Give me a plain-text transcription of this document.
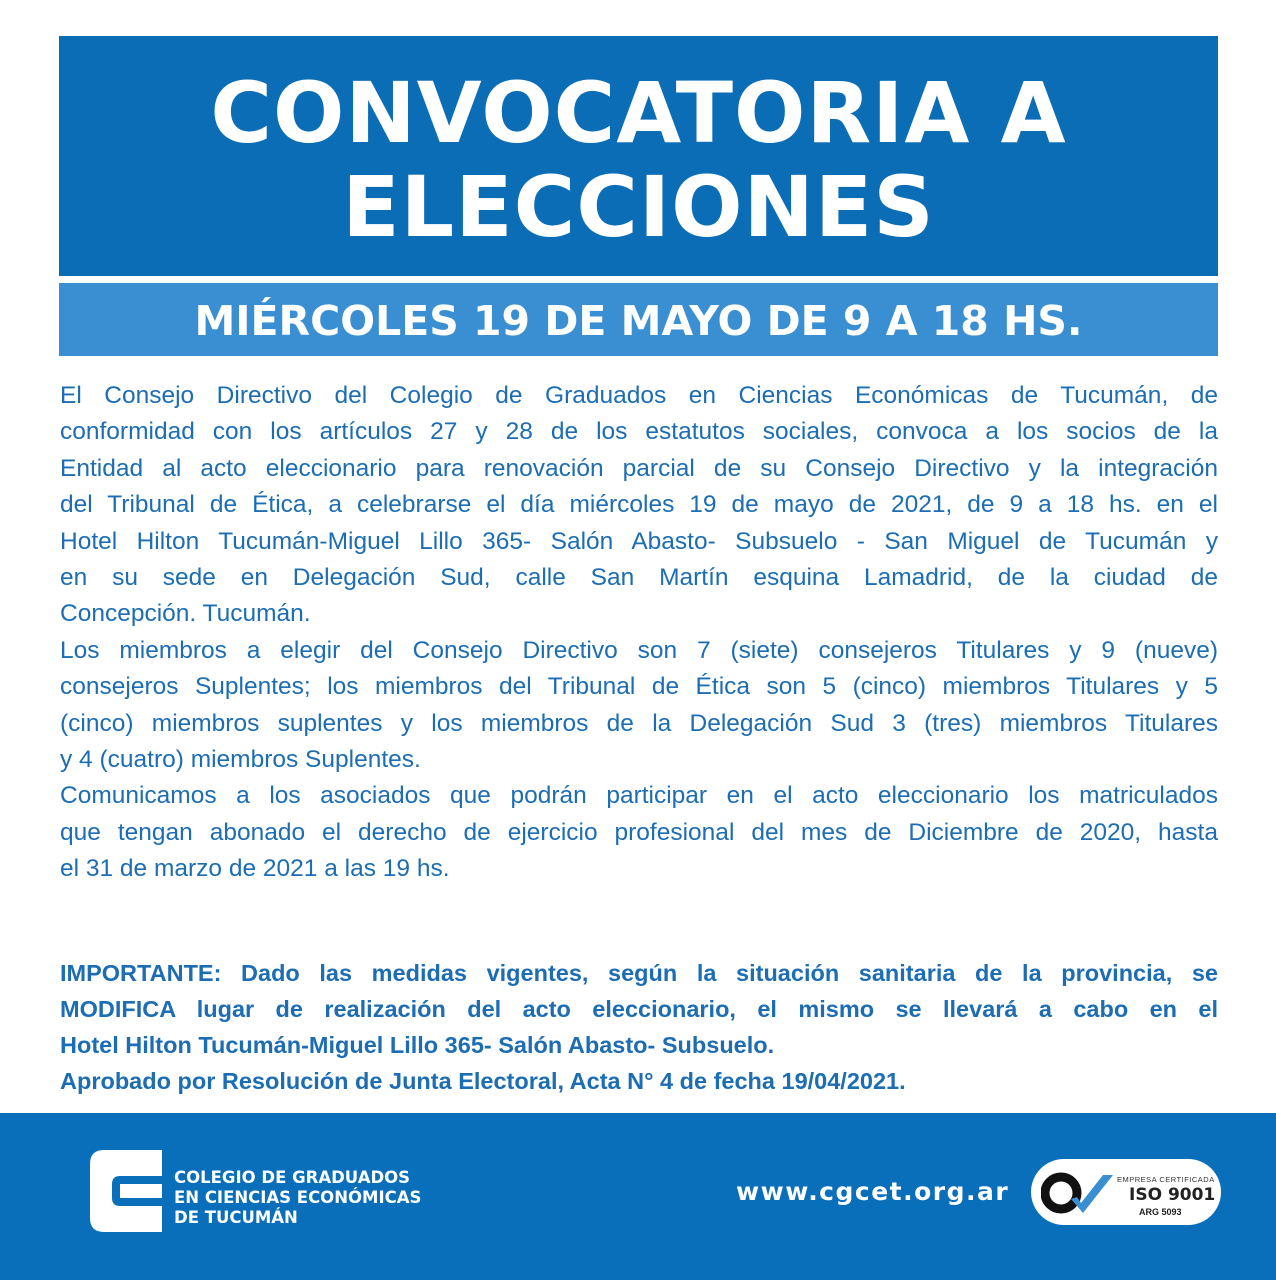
CONVOCATORIA A
ELECCIONES
MIÉRCOLES 19 DE MAYO DE 9 A 18 HS.
El Consejo Directivo del Colegio de Graduados en Ciencias Económicas de Tucumán, de
conformidad con los artículos 27 y 28 de los estatutos sociales, convoca a los socios de la
Entidad al acto eleccionario para renovación parcial de su Consejo Directivo y la integración
del Tribunal de Ética, a celebrarse el día miércoles 19 de mayo de 2021, de 9 a 18 hs. en el
Hotel Hilton Tucumán-Miguel Lillo 365- Salón Abasto- Subsuelo - San Miguel de Tucumán y
en su sede en Delegación Sud, calle San Martín esquina Lamadrid, de la ciudad de
Concepción. Tucumán.
Los miembros a elegir del Consejo Directivo son 7 (siete) consejeros Titulares y 9 (nueve)
consejeros Suplentes; los miembros del Tribunal de Ética son 5 (cinco) miembros Titulares y 5
(cinco) miembros suplentes y los miembros de la Delegación Sud 3 (tres) miembros Titulares
y 4 (cuatro) miembros Suplentes.
Comunicamos a los asociados que podrán participar en el acto eleccionario los matriculados
que tengan abonado el derecho de ejercicio profesional del mes de Diciembre de 2020, hasta
el 31 de marzo de 2021 a las 19 hs.
IMPORTANTE: Dado las medidas vigentes, según la situación sanitaria de la provincia, se
MODIFICA lugar de realización del acto eleccionario, el mismo se llevará a cabo en el
Hotel Hilton Tucumán-Miguel Lillo 365- Salón Abasto- Subsuelo.
Aprobado por Resolución de Junta Electoral, Acta N° 4 de fecha 19/04/2021.
COLEGIO DE GRADUADOS
EN CIENCIAS ECONÓMICAS
DE TUCUMÁN
www.cgcet.org.ar	EMPRESA CERTIFICADA
ISO 9001
ARG 5093
